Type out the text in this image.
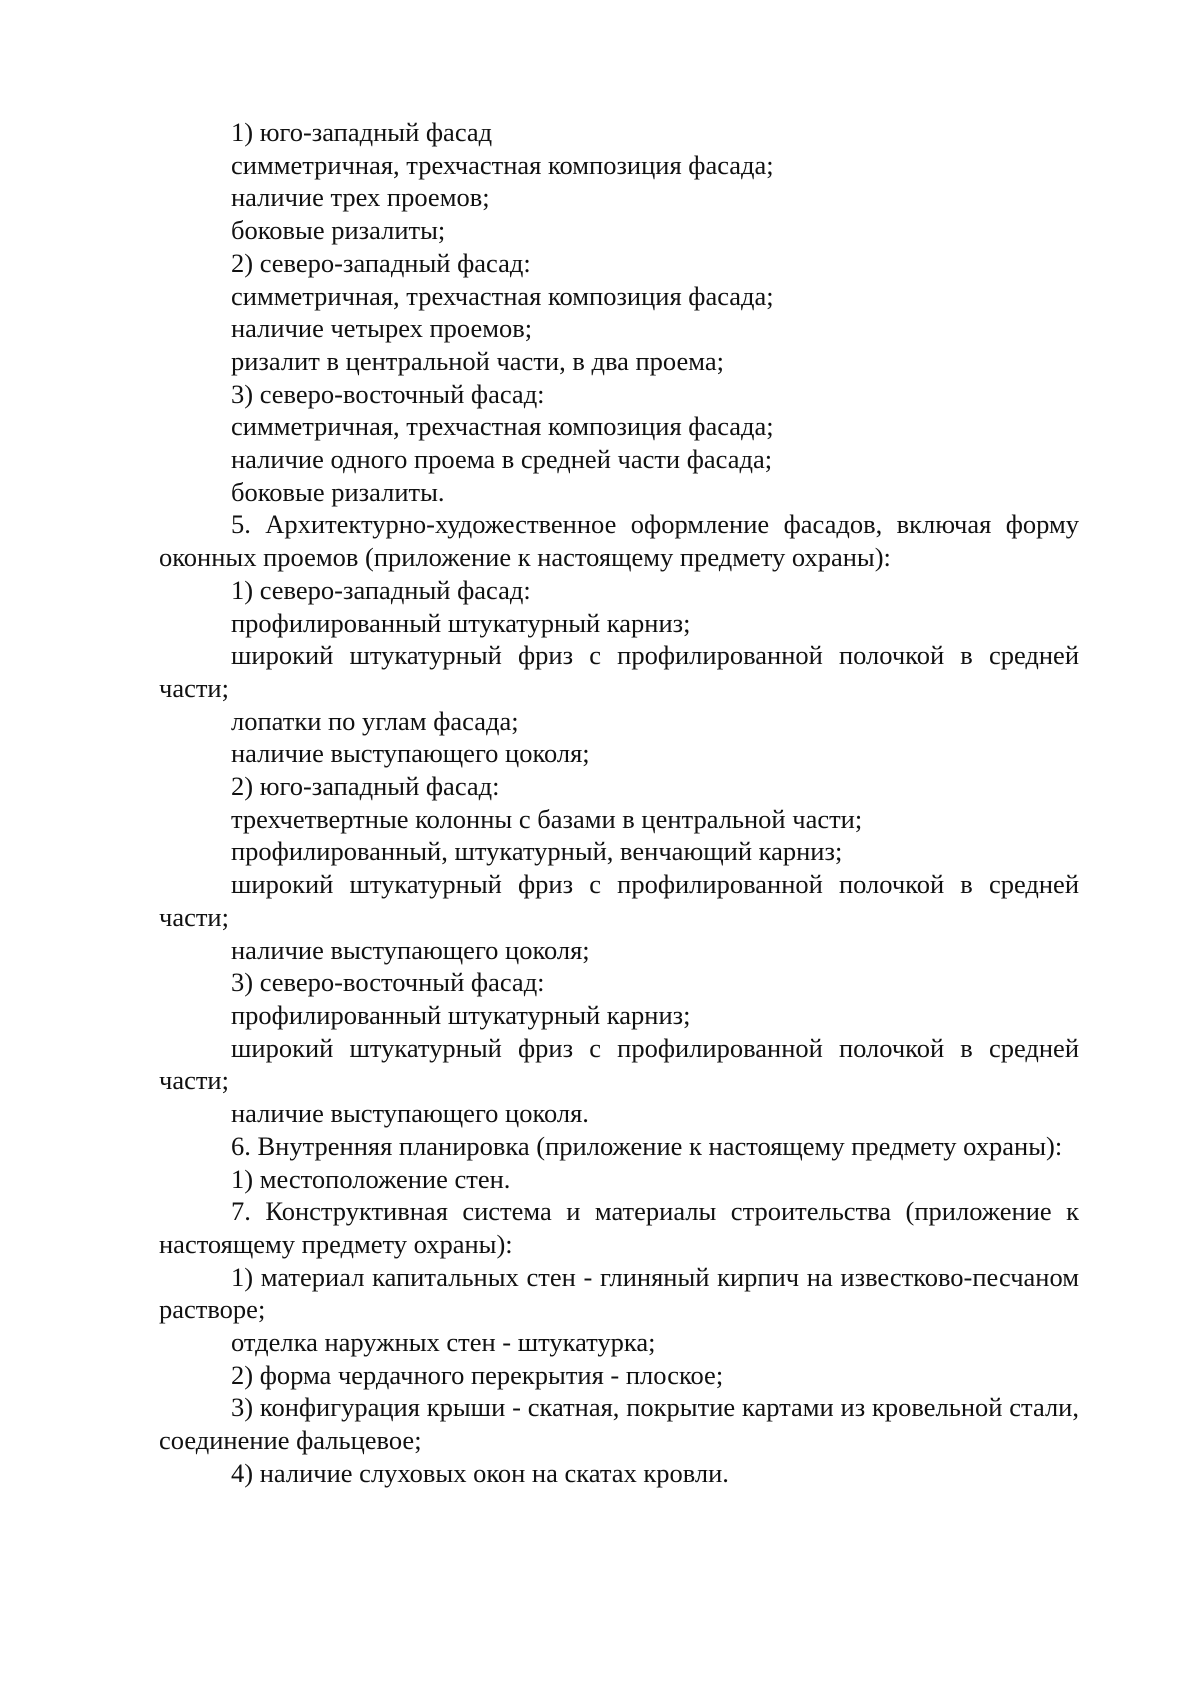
1) юго-западный фасад

симметричная, трехчастная композиция фасада;

наличие трех проемов;

боковые ризалиты;

2) северо-западный фасад:

симметричная, трехчастная композиция фасада;

наличие четырех проемов;

ризалит в центральной части, в два проема;

3) северо-восточный фасад:

симметричная, трехчастная композиция фасада;

наличие одного проема в средней части фасада;

боковые ризалиты.

5. Архитектурно-художественное оформление фасадов, включая форму оконных проемов (приложение к настоящему предмету охраны):

1) северо-западный фасад:

профилированный штукатурный карниз;

широкий штукатурный фриз с профилированной полочкой в средней части;

лопатки по углам фасада;

наличие выступающего цоколя;

2) юго-западный фасад:

трехчетвертные колонны с базами в центральной части;

профилированный, штукатурный, венчающий карниз;

широкий штукатурный фриз с профилированной полочкой в средней части;

наличие выступающего цоколя;

3) северо-восточный фасад:

профилированный штукатурный карниз;

широкий штукатурный фриз с профилированной полочкой в средней части;

наличие выступающего цоколя.

6. Внутренняя планировка (приложение к настоящему предмету охраны):

1) местоположение стен.

7. Конструктивная система и материалы строительства (приложение к настоящему предмету охраны):

1) материал капитальных стен - глиняный кирпич на известково-песчаном растворе;

отделка наружных стен - штукатурка;

2) форма чердачного перекрытия - плоское;

3) конфигурация крыши - скатная, покрытие картами из кровельной стали, соединение фальцевое;

4) наличие слуховых окон на скатах кровли.
